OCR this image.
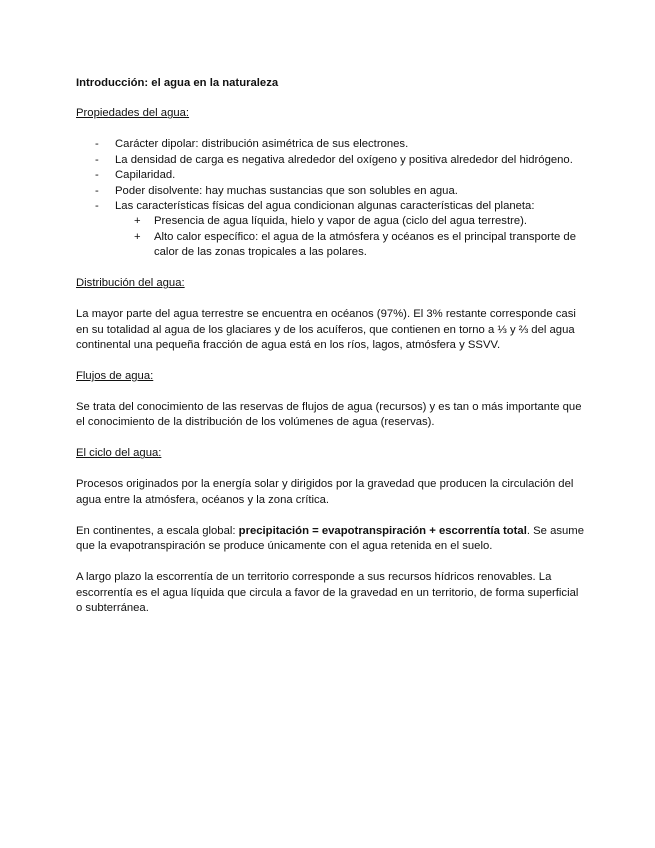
Introducción: el agua en la naturaleza

Propiedades del agua:

- Carácter dipolar: distribución asimétrica de sus electrones.
- La densidad de carga es negativa alrededor del oxígeno y positiva alrededor del hidrógeno.
- Capilaridad.
- Poder disolvente: hay muchas sustancias que son solubles en agua.
- Las características físicas del agua condicionan algunas características del planeta:
+ Presencia de agua líquida, hielo y vapor de agua (ciclo del agua terrestre).
+ Alto calor específico: el agua de la atmósfera y océanos es el principal transporte de calor de las zonas tropicales a las polares.

Distribución del agua:

La mayor parte del agua terrestre se encuentra en océanos (97%). El 3% restante corresponde casi en su totalidad al agua de los glaciares y de los acuíferos, que contienen en torno a ⅓ y ⅔ del agua continental una pequeña fracción de agua está en los ríos, lagos, atmósfera y SSVV.

Flujos de agua:

Se trata del conocimiento de las reservas de flujos de agua (recursos) y es tan o más importante que el conocimiento de la distribución de los volúmenes de agua (reservas).

El ciclo del agua:

Procesos originados por la energía solar y dirigidos por la gravedad que producen la circulación del agua entre la atmósfera, océanos y la zona crítica.

En continentes, a escala global: precipitación = evapotranspiración + escorrentía total. Se asume que la evapotranspiración se produce únicamente con el agua retenida en el suelo.

A largo plazo la escorrentía de un territorio corresponde a sus recursos hídricos renovables. La escorrentía es el agua líquida que circula a favor de la gravedad en un territorio, de forma superficial o subterránea.
